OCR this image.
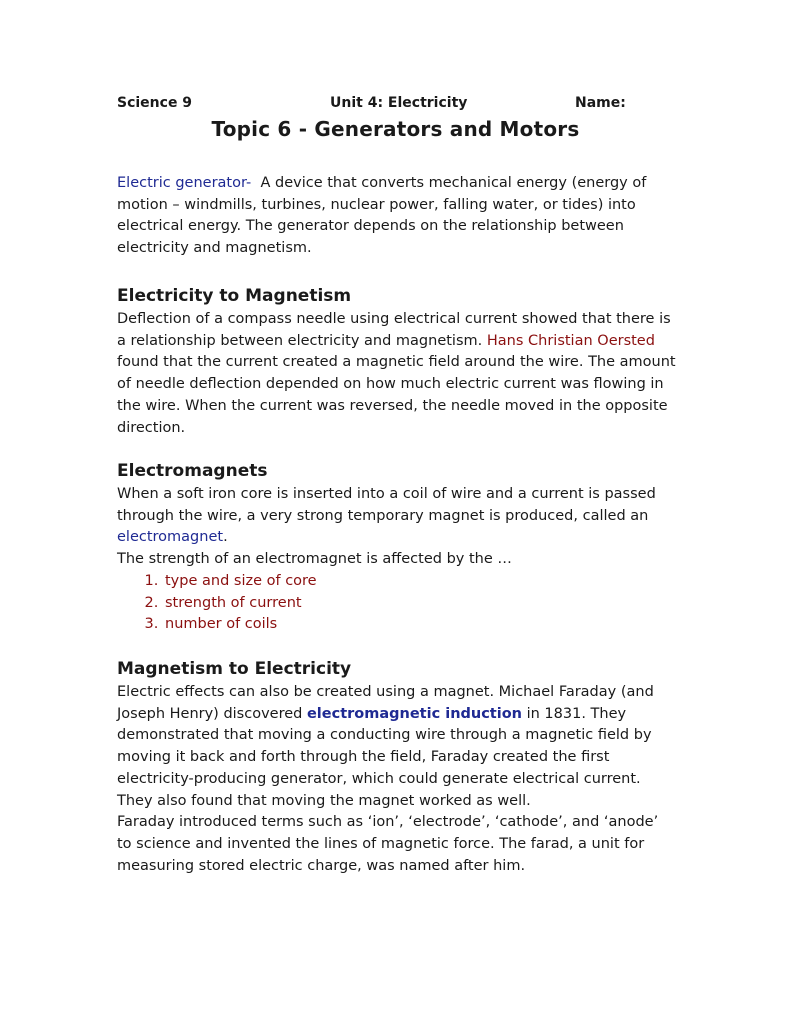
Science 9	Unit 4: Electricity	Name:
Topic 6 - Generators and Motors

Electric generator- A device that converts mechanical energy (energy of motion – windmills, turbines, nuclear power, falling water, or tides) into electrical energy. The generator depends on the relationship between electricity and magnetism.

Electricity to Magnetism

Deflection of a compass needle using electrical current showed that there is a relationship between electricity and magnetism. Hans Christian Oersted found that the current created a magnetic field around the wire. The amount of needle deflection depended on how much electric current was flowing in the wire. When the current was reversed, the needle moved in the opposite direction.

Electromagnets

When a soft iron core is inserted into a coil of wire and a current is passed through the wire, a very strong temporary magnet is produced, called an electromagnet.

The strength of an electromagnet is affected by the …

1. type and size of core
2. strength of current
3. number of coils
Magnetism to Electricity

Electric effects can also be created using a magnet. Michael Faraday (and Joseph Henry) discovered electromagnetic induction in 1831. They demonstrated that moving a conducting wire through a magnetic field by moving it back and forth through the field, Faraday created the first electricity-producing generator, which could generate electrical current. They also found that moving the magnet worked as well.

Faraday introduced terms such as ‘ion’, ‘electrode’, ‘cathode’, and ‘anode’ to science and invented the lines of magnetic force. The farad, a unit for measuring stored electric charge, was named after him.
